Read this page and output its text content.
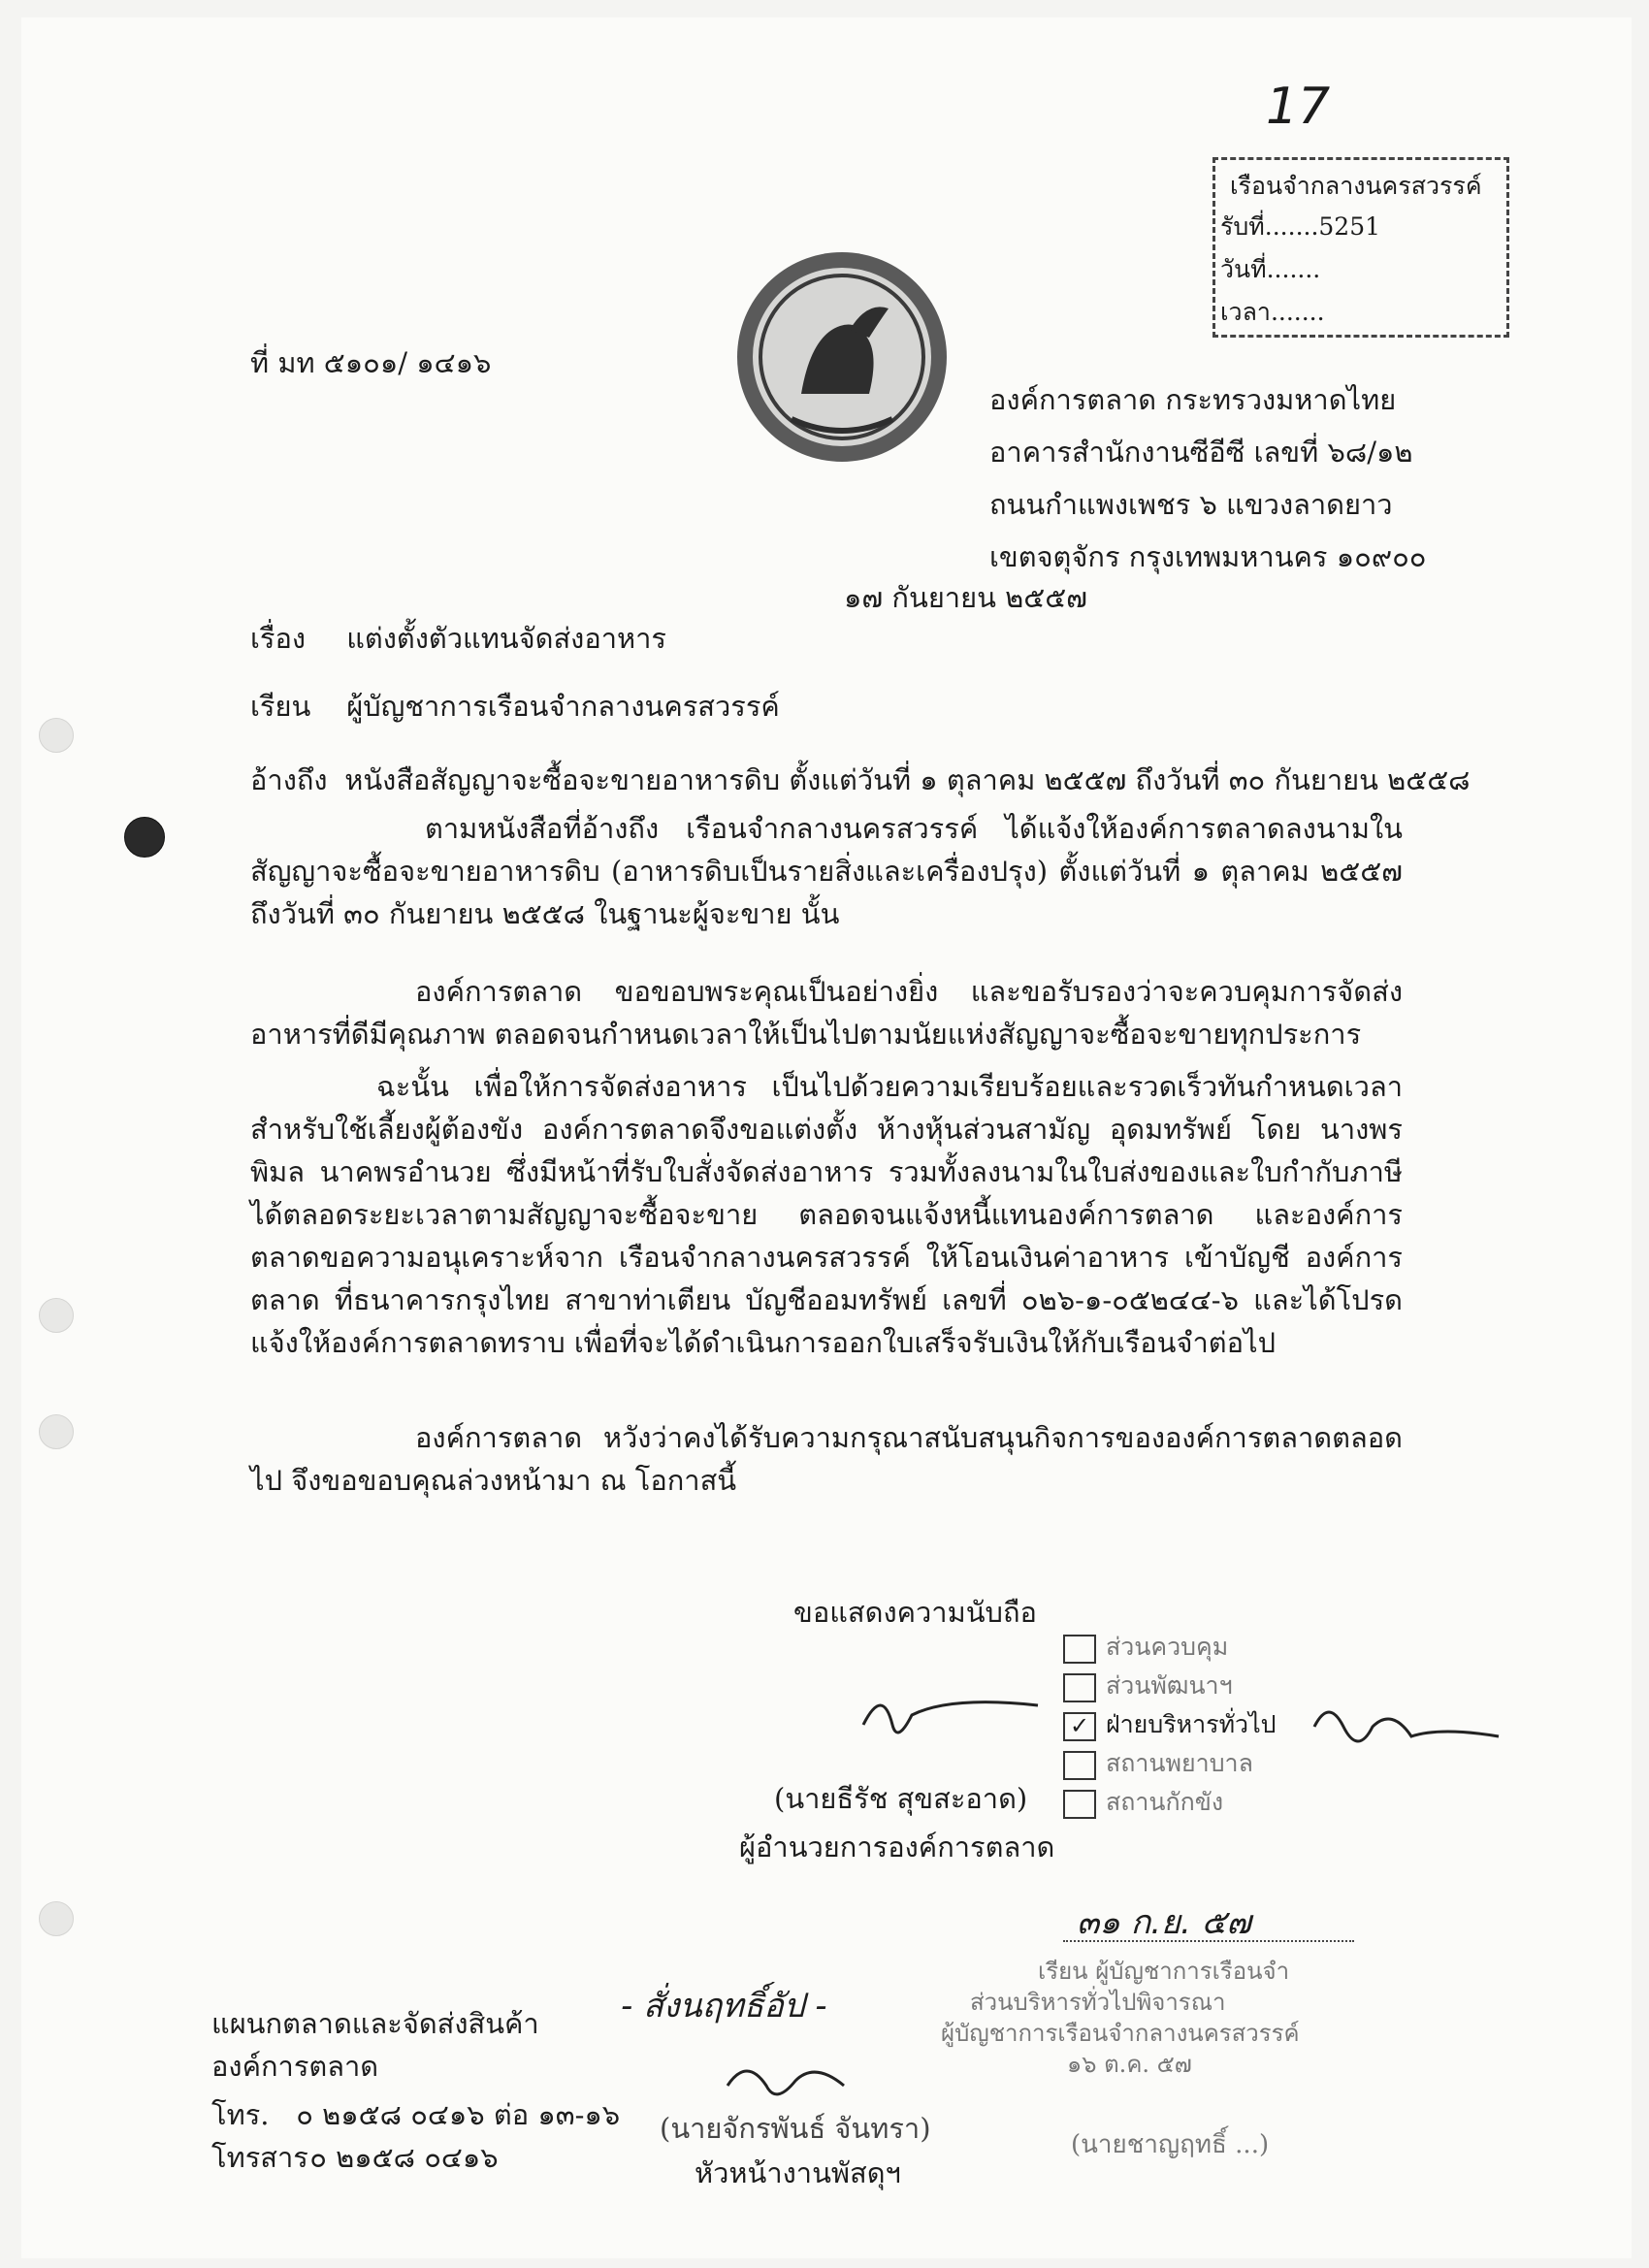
17
เรือนจำกลางนครสวรรค์
รับที่.......5251
วันที่.......
เวลา.......
ที่ มท ๕๑๐๑/ ๑๔๑๖
องค์การตลาด กระทรวงมหาดไทย
อาคารสำนักงานซีอีซี เลขที่ ๖๘/๑๒
ถนนกำแพงเพชร ๖ แขวงลาดยาว
เขตจตุจักร กรุงเทพมหานคร ๑๐๙๐๐
๑๗ กันยายน ๒๕๕๗
เรื่อง แต่งตั้งตัวแทนจัดส่งอาหาร
เรียน ผู้บัญชาการเรือนจำกลางนครสวรรค์
อ้างถึง หนังสือสัญญาจะซื้อจะขายอาหารดิบ ตั้งแต่วันที่ ๑ ตุลาคม ๒๕๕๗ ถึงวันที่ ๓๐ กันยายน ๒๕๕๘
ตามหนังสือที่อ้างถึง เรือนจำกลางนครสวรรค์ ได้แจ้งให้องค์การตลาดลงนามในสัญญาจะซื้อจะขายอาหารดิบ (อาหารดิบเป็นรายสิ่งและเครื่องปรุง) ตั้งแต่วันที่ ๑ ตุลาคม ๒๕๕๗ ถึงวันที่ ๓๐ กันยายน ๒๕๕๘ ในฐานะผู้จะขาย นั้น
องค์การตลาด ขอขอบพระคุณเป็นอย่างยิ่ง และขอรับรองว่าจะควบคุมการจัดส่งอาหารที่ดีมีคุณภาพ ตลอดจนกำหนดเวลาให้เป็นไปตามนัยแห่งสัญญาจะซื้อจะขายทุกประการ
ฉะนั้น เพื่อให้การจัดส่งอาหาร เป็นไปด้วยความเรียบร้อยและรวดเร็วทันกำหนดเวลาสำหรับใช้เลี้ยงผู้ต้องขัง องค์การตลาดจึงขอแต่งตั้ง ห้างหุ้นส่วนสามัญ อุดมทรัพย์ โดย นางพรพิมล นาคพรอำนวย ซึ่งมีหน้าที่รับใบสั่งจัดส่งอาหาร รวมทั้งลงนามในใบส่งของและใบกำกับภาษีได้ตลอดระยะเวลาตามสัญญาจะซื้อจะขาย ตลอดจนแจ้งหนี้แทนองค์การตลาด และองค์การตลาดขอความอนุเคราะห์จาก เรือนจำกลางนครสวรรค์ ให้โอนเงินค่าอาหาร เข้าบัญชี องค์การตลาด ที่ธนาคารกรุงไทย สาขาท่าเตียน บัญชีออมทรัพย์ เลขที่ ๐๒๖-๑-๐๕๒๔๔-๖ และได้โปรดแจ้งให้องค์การตลาดทราบ เพื่อที่จะได้ดำเนินการออกใบเสร็จรับเงินให้กับเรือนจำต่อไป
องค์การตลาด หวังว่าคงได้รับความกรุณาสนับสนุนกิจการขององค์การตลาดตลอดไป จึงขอขอบคุณล่วงหน้ามา ณ โอกาสนี้
ขอแสดงความนับถือ
ส่วนควบคุม
ส่วนพัฒนาฯ
✓ ฝ่ายบริหารทั่วไป
สถานพยาบาล
สถานกักขัง
(นายธีรัช สุขสะอาด)
ผู้อำนวยการองค์การตลาด
๓๑ ก.ย. ๕๗
เรียน ผู้บัญชาการเรือนจำ
ส่วนบริหารทั่วไปพิจารณา
ผู้บัญชาการเรือนจำกลางนครสวรรค์
๑๖ ต.ค. ๕๗
(นายชาญฤทธิ์ ...)
- สั่งนฤทธิ์อัป -
(นายจักรพันธ์ จันทรา)
หัวหน้างานพัสดุฯ
แผนกตลาดและจัดส่งสินค้า
องค์การตลาด
โทร. ๐ ๒๑๕๘ ๐๔๑๖ ต่อ ๑๓-๑๖
โทรสาร ๐ ๒๑๕๘ ๐๔๑๖
